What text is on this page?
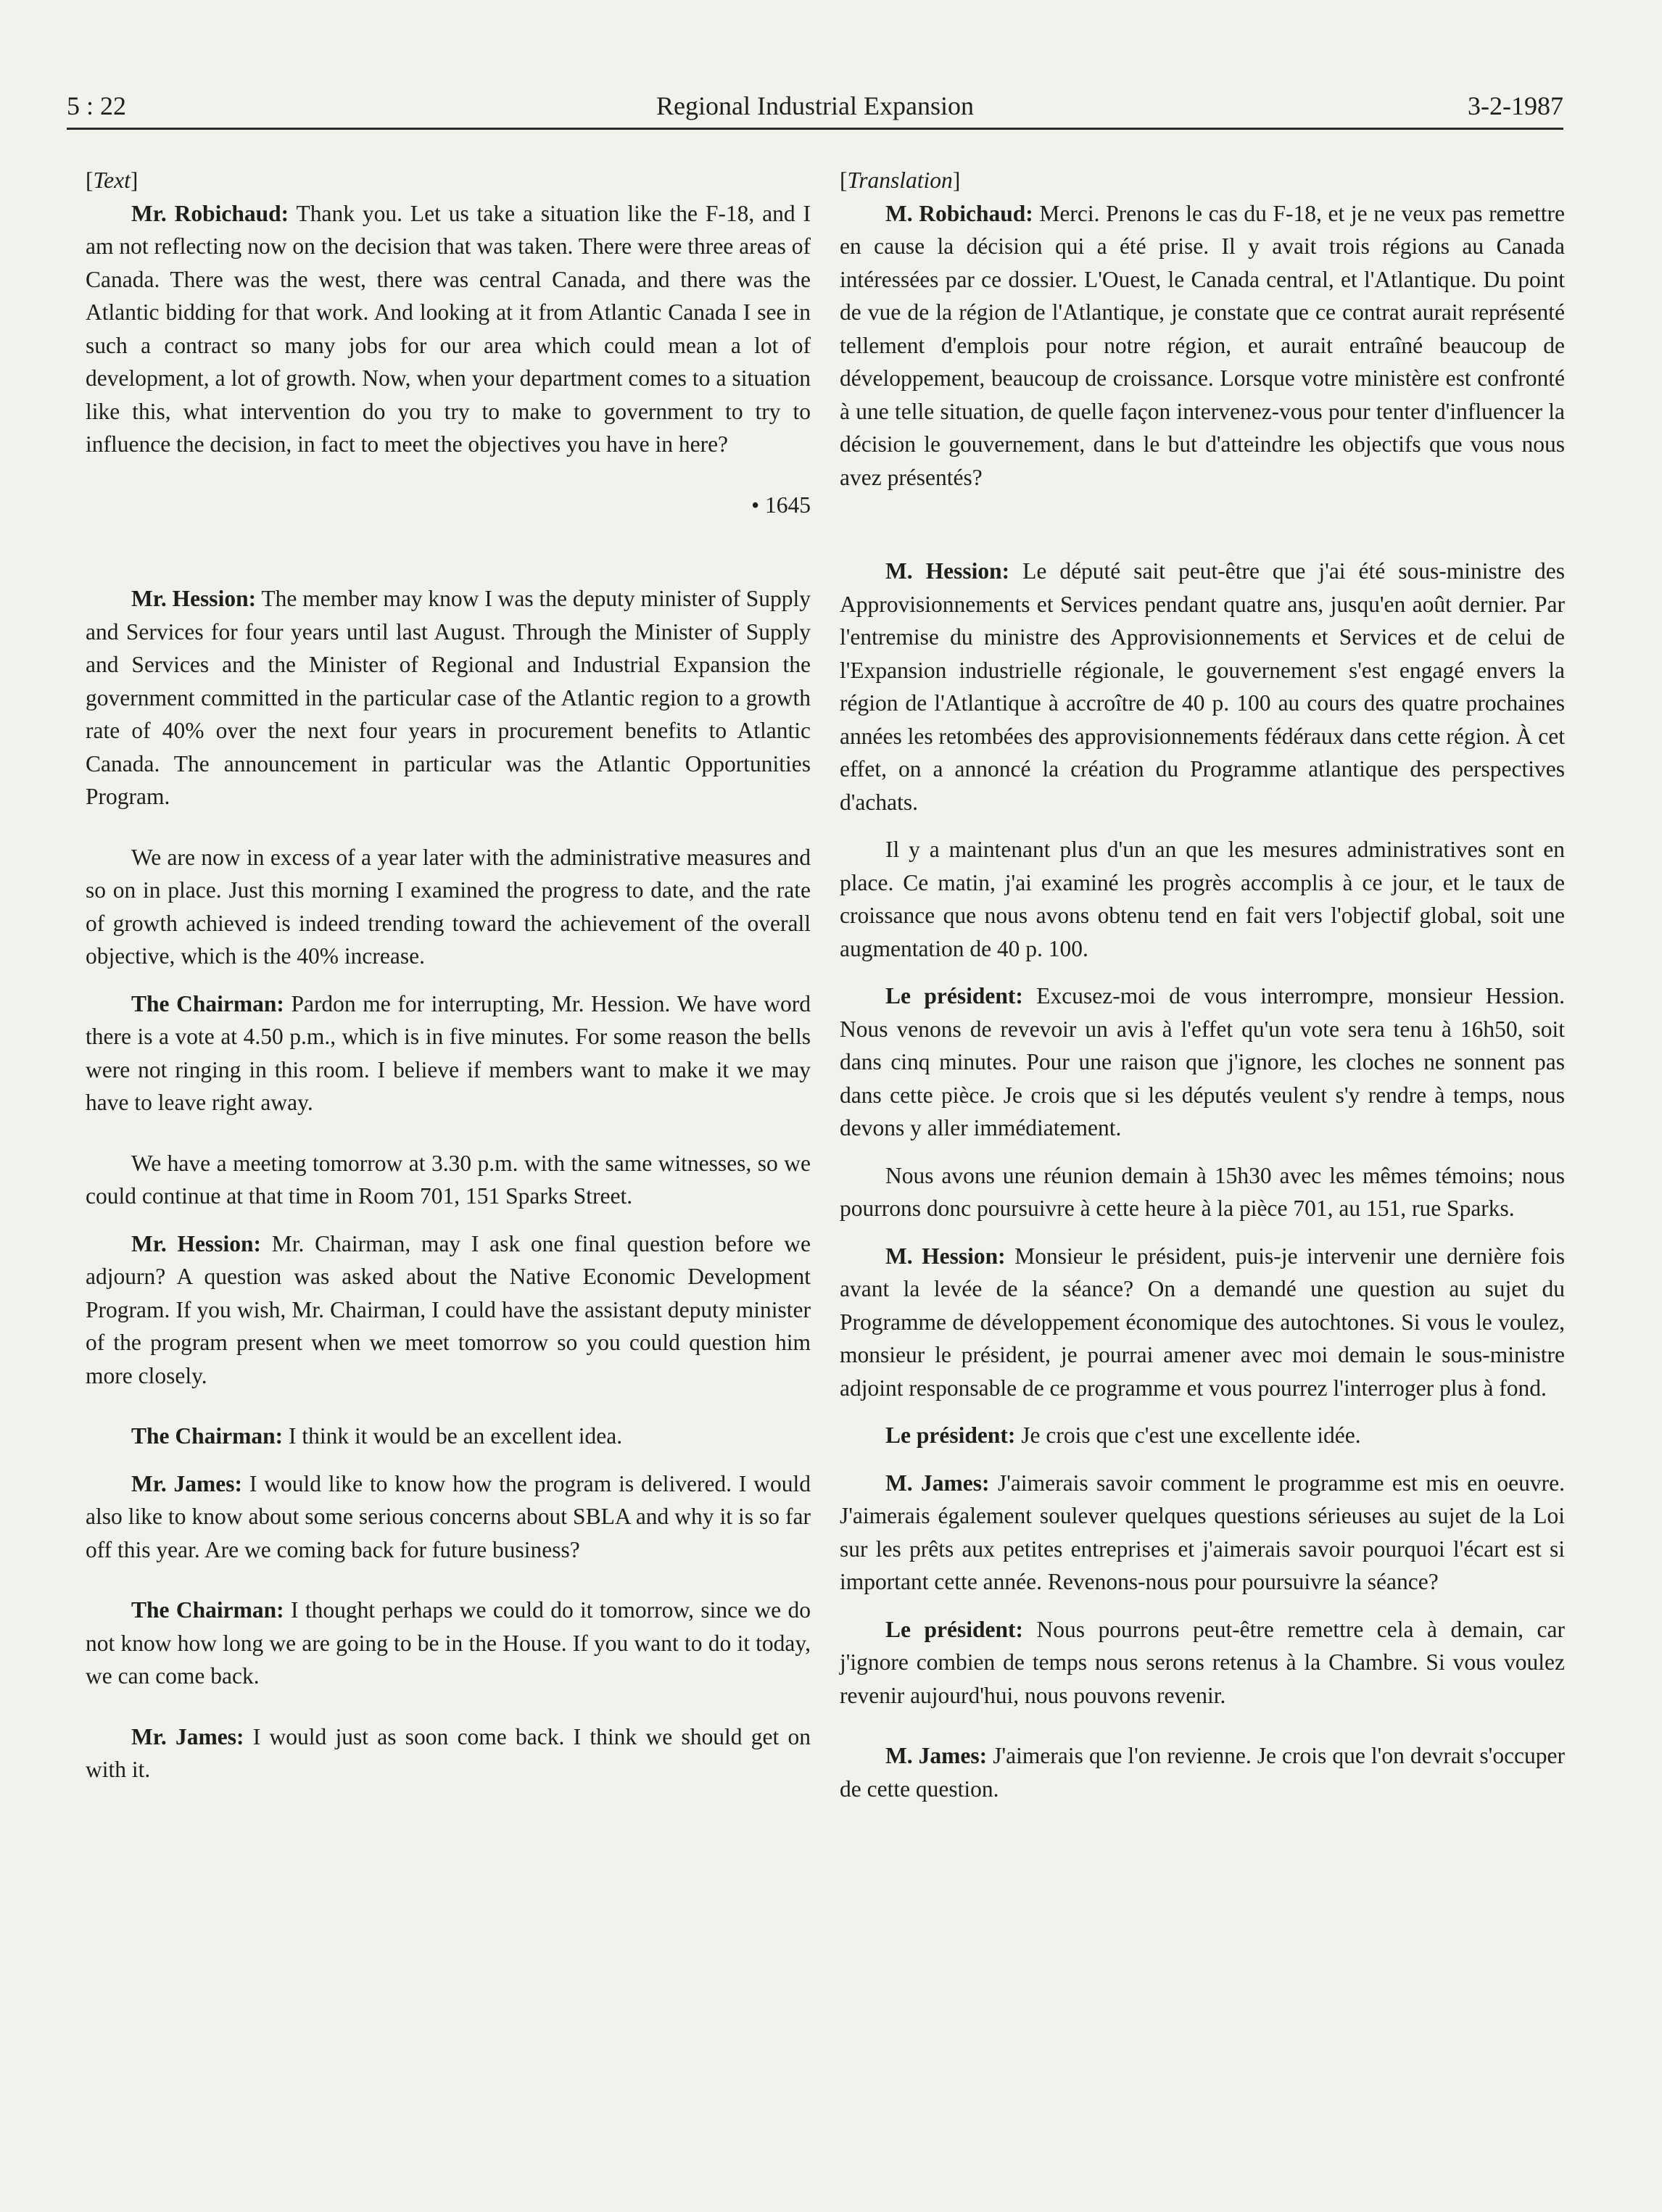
5 : 22	Regional Industrial Expansion	3-2-1987

[Text]

Mr. Robichaud: Thank you. Let us take a situation like the F-18, and I am not reflecting now on the decision that was taken. There were three areas of Canada. There was the west, there was central Canada, and there was the Atlantic bidding for that work. And looking at it from Atlantic Canada I see in such a contract so many jobs for our area which could mean a lot of development, a lot of growth. Now, when your department comes to a situation like this, what intervention do you try to make to government to try to influence the decision, in fact to meet the objectives you have in here?

• 1645

Mr. Hession: The member may know I was the deputy minister of Supply and Services for four years until last August. Through the Minister of Supply and Services and the Minister of Regional and Industrial Expansion the government committed in the particular case of the Atlantic region to a growth rate of 40% over the next four years in procurement benefits to Atlantic Canada. The announcement in particular was the Atlantic Opportunities Program.

We are now in excess of a year later with the administrative measures and so on in place. Just this morning I examined the progress to date, and the rate of growth achieved is indeed trending toward the achievement of the overall objective, which is the 40% increase.

The Chairman: Pardon me for interrupting, Mr. Hession. We have word there is a vote at 4.50 p.m., which is in five minutes. For some reason the bells were not ringing in this room. I believe if members want to make it we may have to leave right away.

We have a meeting tomorrow at 3.30 p.m. with the same witnesses, so we could continue at that time in Room 701, 151 Sparks Street.

Mr. Hession: Mr. Chairman, may I ask one final question before we adjourn? A question was asked about the Native Economic Development Program. If you wish, Mr. Chairman, I could have the assistant deputy minister of the program present when we meet tomorrow so you could question him more closely.

The Chairman: I think it would be an excellent idea.

Mr. James: I would like to know how the program is delivered. I would also like to know about some serious concerns about SBLA and why it is so far off this year. Are we coming back for future business?

The Chairman: I thought perhaps we could do it tomorrow, since we do not know how long we are going to be in the House. If you want to do it today, we can come back.

Mr. James: I would just as soon come back. I think we should get on with it.

[Translation]

M. Robichaud: Merci. Prenons le cas du F-18, et je ne veux pas remettre en cause la décision qui a été prise. Il y avait trois régions au Canada intéressées par ce dossier. L'Ouest, le Canada central, et l'Atlantique. Du point de vue de la région de l'Atlantique, je constate que ce contrat aurait représenté tellement d'emplois pour notre région, et aurait entraîné beaucoup de développement, beaucoup de croissance. Lorsque votre ministère est confronté à une telle situation, de quelle façon intervenez-vous pour tenter d'influencer la décision le gouvernement, dans le but d'atteindre les objectifs que vous nous avez présentés?

M. Hession: Le député sait peut-être que j'ai été sous-ministre des Approvisionnements et Services pendant quatre ans, jusqu'en août dernier. Par l'entremise du ministre des Approvisionnements et Services et de celui de l'Expansion industrielle régionale, le gouvernement s'est engagé envers la région de l'Atlantique à accroître de 40 p. 100 au cours des quatre prochaines années les retombées des approvisionnements fédéraux dans cette région. À cet effet, on a annoncé la création du Programme atlantique des perspectives d'achats.

Il y a maintenant plus d'un an que les mesures administratives sont en place. Ce matin, j'ai examiné les progrès accomplis à ce jour, et le taux de croissance que nous avons obtenu tend en fait vers l'objectif global, soit une augmentation de 40 p. 100.

Le président: Excusez-moi de vous interrompre, monsieur Hession. Nous venons de revevoir un avis à l'effet qu'un vote sera tenu à 16h50, soit dans cinq minutes. Pour une raison que j'ignore, les cloches ne sonnent pas dans cette pièce. Je crois que si les députés veulent s'y rendre à temps, nous devons y aller immédiatement.

Nous avons une réunion demain à 15h30 avec les mêmes témoins; nous pourrons donc poursuivre à cette heure à la pièce 701, au 151, rue Sparks.

M. Hession: Monsieur le président, puis-je intervenir une dernière fois avant la levée de la séance? On a demandé une question au sujet du Programme de développement économique des autochtones. Si vous le voulez, monsieur le président, je pourrai amener avec moi demain le sous-ministre adjoint responsable de ce programme et vous pourrez l'interroger plus à fond.

Le président: Je crois que c'est une excellente idée.

M. James: J'aimerais savoir comment le programme est mis en oeuvre. J'aimerais également soulever quelques questions sérieuses au sujet de la Loi sur les prêts aux petites entreprises et j'aimerais savoir pourquoi l'écart est si important cette année. Revenons-nous pour poursuivre la séance?

Le président: Nous pourrons peut-être remettre cela à demain, car j'ignore combien de temps nous serons retenus à la Chambre. Si vous voulez revenir aujourd'hui, nous pouvons revenir.

M. James: J'aimerais que l'on revienne. Je crois que l'on devrait s'occuper de cette question.
